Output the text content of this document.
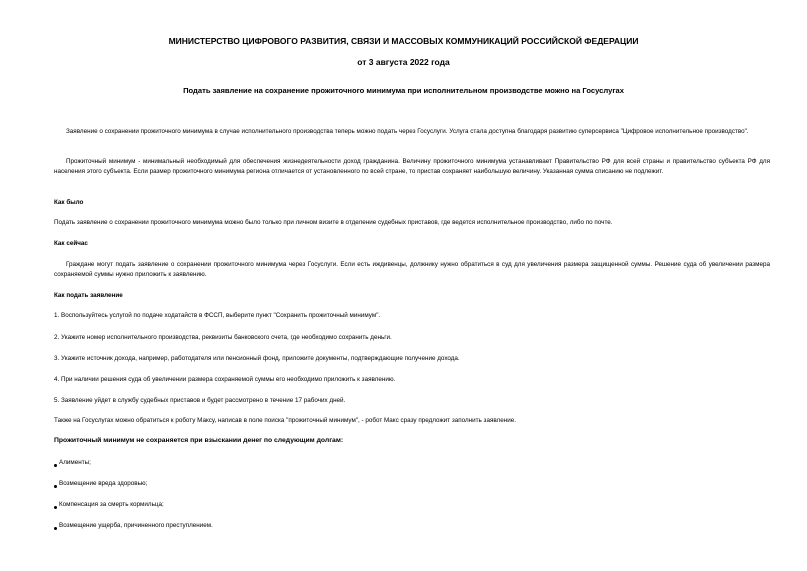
МИНИСТЕРСТВО ЦИФРОВОГО РАЗВИТИЯ, СВЯЗИ И МАССОВЫХ КОММУНИКАЦИЙ РОССИЙСКОЙ ФЕДЕРАЦИИ
от 3 августа 2022 года
Подать заявление на сохранение прожиточного минимума при исполнительном производстве можно на Госуслугах
Заявление о сохранении прожиточного минимума в случае исполнительного производства теперь можно подать через Госуслуги. Услуга стала доступна благодаря развитию суперсервиса "Цифровое исполнительное производство".
Прожиточный минимум - минимальный необходимый для обеспечения жизнедеятельности доход гражданина. Величину прожиточного минимума устанавливает Правительство РФ для всей страны и правительство субъекта РФ для населения этого субъекта. Если размер прожиточного минимума региона отличается от установленного по всей стране, то пристав сохраняет наибольшую величину. Указанная сумма списанию не подлежит.
Как было
Подать заявление о сохранении прожиточного минимума можно было только при личном визите в отделение судебных приставов, где ведется исполнительное производство, либо по почте.
Как сейчас
Граждане могут подать заявление о сохранении прожиточного минимума через Госуслуги. Если есть иждивенцы, должнику нужно обратиться в суд для увеличения размера защищенной суммы. Решение суда об увеличении размера сохраняемой суммы нужно приложить к заявлению.
Как подать заявление
1. Воспользуйтесь услугой по подаче ходатайств в ФССП, выберите пункт "Сохранить прожиточный минимум".
2. Укажите номер исполнительного производства, реквизиты банковского счета, где необходимо сохранить деньги.
3. Укажите источник дохода, например, работодателя или пенсионный фонд, приложите документы, подтверждающие получение дохода.
4. При наличии решения суда об увеличении размера сохраняемой суммы его необходимо приложить к заявлению.
5. Заявление уйдет в службу судебных приставов и будет рассмотрено в течение 17 рабочих дней.
Также на Госуслугах можно обратиться к роботу Максу, написав в поле поиска "прожиточный минимум", - робот Макс сразу предложит заполнить заявление.
Прожиточный минимум не сохраняется при взыскании денег по следующим долгам:
Алименты;
Возмещение вреда здоровью;
Компенсация за смерть кормильца;
Возмещение ущерба, причиненного преступлением.
